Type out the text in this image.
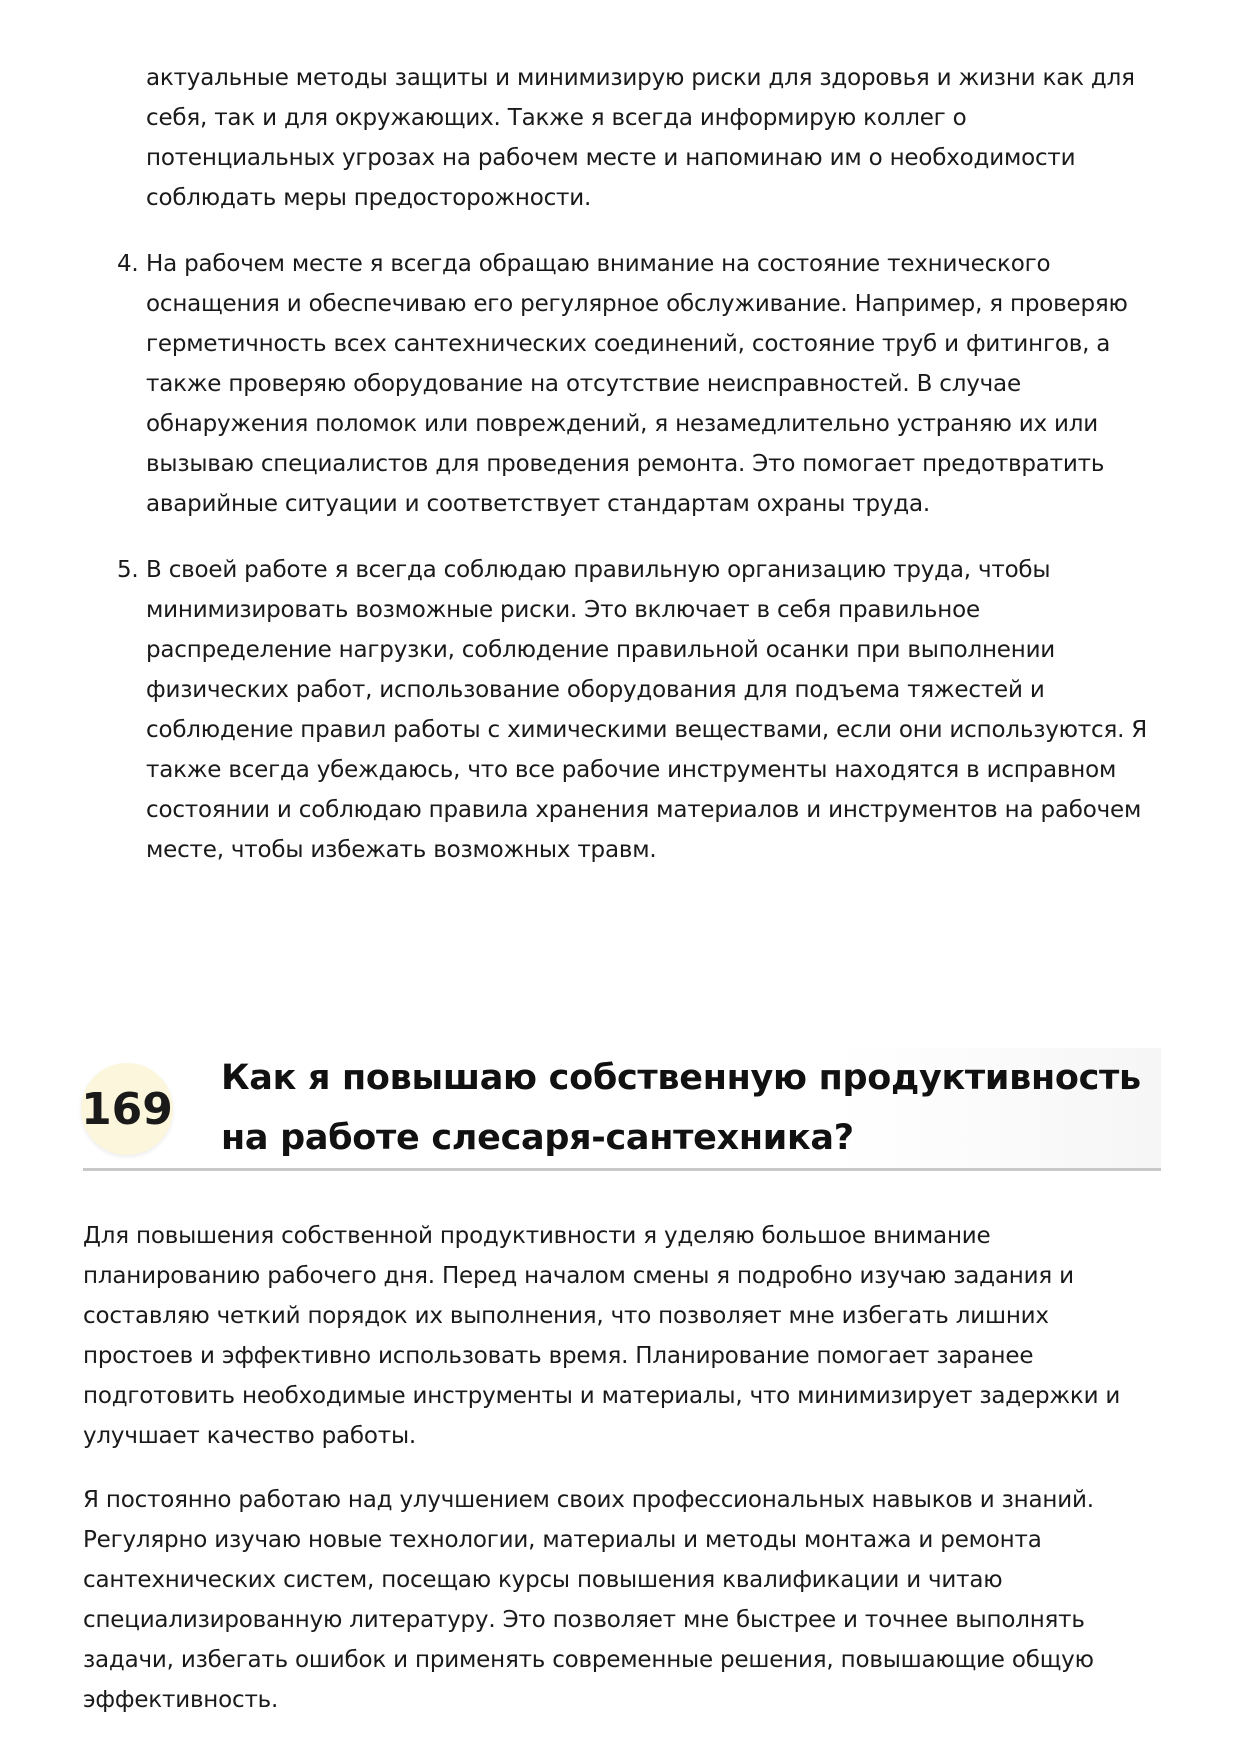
актуальные методы защиты и минимизирую риски для здоровья и жизни как для себя, так и для окружающих. Также я всегда информирую коллег о потенциальных угрозах на рабочем месте и напоминаю им о необходимости соблюдать меры предосторожности.
4. На рабочем месте я всегда обращаю внимание на состояние технического оснащения и обеспечиваю его регулярное обслуживание. Например, я проверяю герметичность всех сантехнических соединений, состояние труб и фитингов, а также проверяю оборудование на отсутствие неисправностей. В случае обнаружения поломок или повреждений, я незамедлительно устраняю их или вызываю специалистов для проведения ремонта. Это помогает предотвратить аварийные ситуации и соответствует стандартам охраны труда.
5. В своей работе я всегда соблюдаю правильную организацию труда, чтобы минимизировать возможные риски. Это включает в себя правильное распределение нагрузки, соблюдение правильной осанки при выполнении физических работ, использование оборудования для подъема тяжестей и соблюдение правил работы с химическими веществами, если они используются. Я также всегда убеждаюсь, что все рабочие инструменты находятся в исправном состоянии и соблюдаю правила хранения материалов и инструментов на рабочем месте, чтобы избежать возможных травм.
169
Как я повышаю собственную продуктивность на работе слесаря-сантехника?

Для повышения собственной продуктивности я уделяю большое внимание планированию рабочего дня. Перед началом смены я подробно изучаю задания и составляю четкий порядок их выполнения, что позволяет мне избегать лишних простоев и эффективно использовать время. Планирование помогает заранее подготовить необходимые инструменты и материалы, что минимизирует задержки и улучшает качество работы.

Я постоянно работаю над улучшением своих профессиональных навыков и знаний. Регулярно изучаю новые технологии, материалы и методы монтажа и ремонта сантехнических систем, посещаю курсы повышения квалификации и читаю специализированную литературу. Это позволяет мне быстрее и точнее выполнять задачи, избегать ошибок и применять современные решения, повышающие общую эффективность.
